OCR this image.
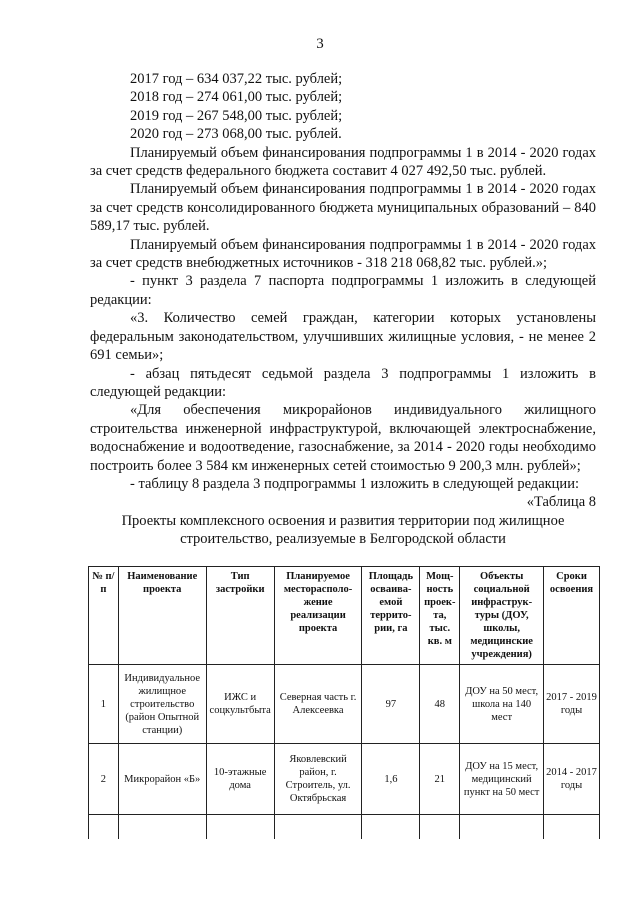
3

2017 год – 634 037,22 тыс. рублей;

2018 год – 274 061,00 тыс. рублей;

2019 год – 267 548,00 тыс. рублей;

2020 год – 273 068,00 тыс. рублей.

Планируемый объем финансирования подпрограммы 1 в 2014 - 2020 годах за счет средств федерального бюджета составит 4 027 492,50 тыс. рублей.

Планируемый объем финансирования подпрограммы 1 в 2014 - 2020 годах за счет средств консолидированного бюджета муниципальных образований – 840 589,17 тыс. рублей.

Планируемый объем финансирования подпрограммы 1 в 2014 - 2020 годах за счет средств внебюджетных источников - 318 218 068,82 тыс. рублей.»;

- пункт 3 раздела 7 паспорта подпрограммы 1 изложить в следующей редакции:

«3. Количество семей граждан, категории которых установлены федеральным законодательством, улучшивших жилищные условия, - не менее 2 691 семьи»;

- абзац пятьдесят седьмой раздела 3 подпрограммы 1 изложить в следующей редакции:

«Для обеспечения микрорайонов индивидуального жилищного строительства инженерной инфраструктурой, включающей электроснабжение, водоснабжение и водоотведение, газоснабжение, за 2014 - 2020 годы необходимо построить более 3 584 км инженерных сетей стоимостью 9 200,3 млн. рублей»;

- таблицу 8 раздела 3 подпрограммы 1 изложить в следующей редакции:

«Таблица 8

Проекты комплексного освоения и развития территории под жилищное
строительство, реализуемые в Белгородской области
№ п/п	Наименование проекта	Тип застройки	Планируемое месторасполо-жение реализации проекта	Площадь осваива-емой террито-рии, га	Мощ-ность проек-та, тыс. кв. м	Объекты социальной инфраструк-туры (ДОУ, школы, медицинские учреждения)	Сроки освоения
1	Индивидуальное жилищное строительство (район Опытной станции)	ИЖС и соцкультбыта	Северная часть г. Алексеевка	97	48	ДОУ на 50 мест, школа на 140 мест	2017 - 2019 годы
2	Микрорайон «Б»	10-этажные дома	Яковлевский район, г. Строитель, ул. Октябрьская	1,6	21	ДОУ на 15 мест, медицинский пункт на 50 мест	2014 - 2017 годы
